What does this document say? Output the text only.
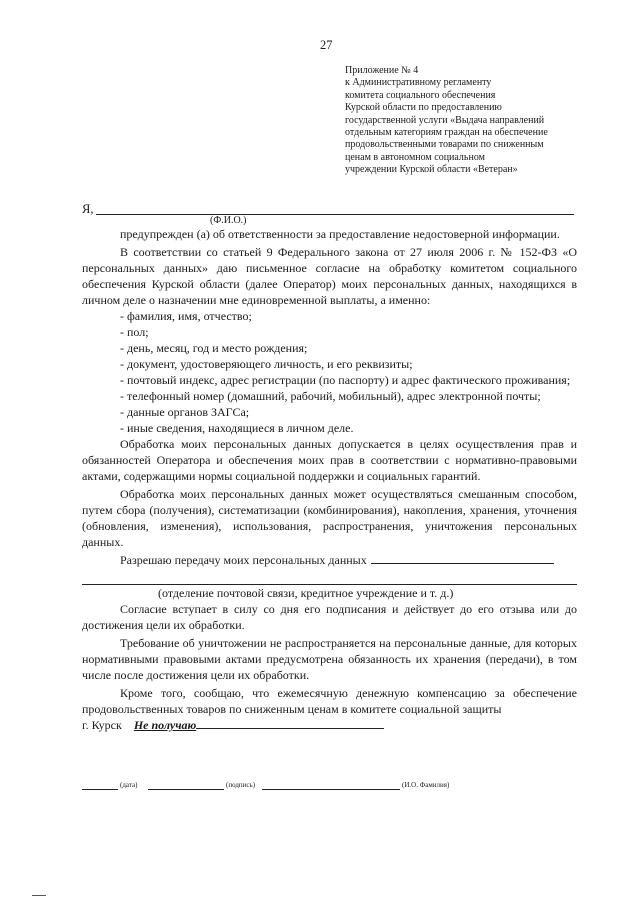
27
Приложение № 4
к Административному регламенту
комитета социального обеспечения
Курской области по предоставлению
государственной услуги «Выдача направлений
отдельным категориям граждан на обеспечение
продовольственными товарами по сниженным
ценам в автономном социальном
учреждении Курской области «Ветеран»
Я,
(Ф.И.О.)

предупрежден (а) об ответственности за предоставление недостоверной информации.

В соответствии со статьей 9 Федерального закона от 27 июля 2006 г. № 152-ФЗ «О персональных данных» даю письменное согласие на обработку комитетом социального обеспечения Курской области (далее Оператор) моих персональных данных, находящихся в личном деле о назначении мне единовременной выплаты, а именно:

- фамилия, имя, отчество;

- пол;

- день, месяц, год и место рождения;

- документ, удостоверяющего личность, и его реквизиты;

- почтовый индекс, адрес регистрации (по паспорту) и адрес фактического проживания;

- телефонный номер (домашний, рабочий, мобильный), адрес электронной почты;

- данные органов ЗАГСа;

- иные сведения, находящиеся в личном деле.

Обработка моих персональных данных допускается в целях осуществления прав и обязанностей Оператора и обеспечения моих прав в соответствии с нормативно-правовыми актами, содержащими нормы социальной поддержки и социальных гарантий.

Обработка моих персональных данных может осуществляться смешанным способом, путем сбора (получения), систематизации (комбинирования), накопления, хранения, уточнения (обновления, изменения), использования, распространения, уничтожения персональных данных.

Разрешаю передачу моих персональных данных

(отделение почтовой связи, кредитное учреждение и т. д.)

Согласие вступает в силу со дня его подписания и действует до его отзыва или до достижения цели их обработки.

Требование об уничтожении не распространяется на персональные данные, для которых нормативными правовыми актами предусмотрена обязанность их хранения (передачи), в том числе после достижения цели их обработки.

Кроме того, сообщаю, что ежемесячную денежную компенсацию за обеспечение продовольственных товаров по сниженным ценам в комитете социальной защиты

г. Курск Не получаю

(дата)	(подпись)	(И.О. Фамилия)
